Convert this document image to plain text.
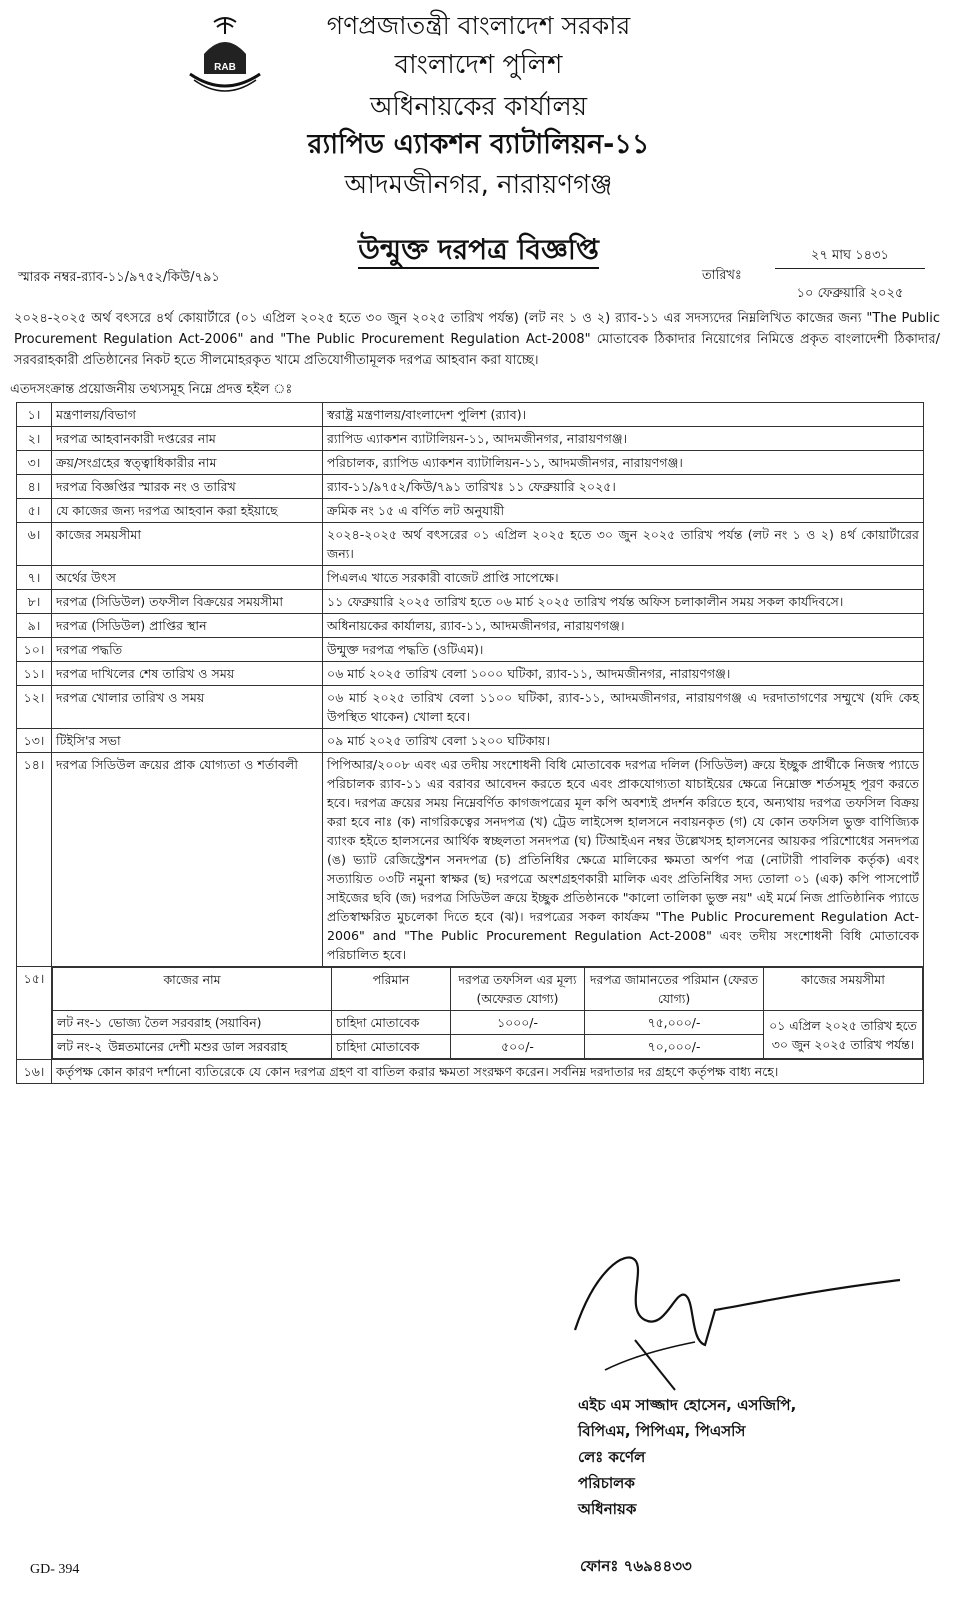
RAB
গণপ্রজাতন্ত্রী বাংলাদেশ সরকার
বাংলাদেশ পুলিশ
অধিনায়কের কার্যালয়
র‌্যাপিড এ্যাকশন ব্যাটালিয়ন-১১
আদমজীনগর, নারায়ণগঞ্জ
উন্মুক্ত দরপত্র বিজ্ঞপ্তি
স্মারক নম্বর-র‌্যাব-১১/৯৭৫২/কিউ/৭৯১	তারিখঃ
২৭ মাঘ ১৪৩১
১০ ফেব্রুয়ারি ২০২৫
২০২৪-২০২৫ অর্থ বৎসরে ৪র্থ কোয়ার্টারে (০১ এপ্রিল ২০২৫ হতে ৩০ জুন ২০২৫ তারিখ পর্যন্ত) (লট নং ১ ও ২) র‌্যাব-১১ এর সদস্যদের নিম্নলিখিত কাজের জন্য "The Public Procurement Regulation Act-2006" and "The Public Procurement Regulation Act-2008" মোতাবেক ঠিকাদার নিয়োগের নিমিত্তে প্রকৃত বাংলাদেশী ঠিকাদার/সরবরাহকারী প্রতিষ্ঠানের নিকট হতে সীলমোহরকৃত খামে প্রতিযোগীতামূলক দরপত্র আহবান করা যাচ্ছে।
এতদসংক্রান্ত প্রয়োজনীয় তথ্যসমূহ নিম্নে প্রদত্ত হইল ঃ
১।	মন্ত্রণালয়/বিভাগ	স্বরাষ্ট্র মন্ত্রণালয়/বাংলাদেশ পুলিশ (র‌্যাব)।
২।	দরপত্র আহবানকারী দপ্তরের নাম	র‌্যাপিড এ্যাকশন ব্যাটালিয়ন-১১, আদমজীনগর, নারায়ণগঞ্জ।
৩।	ক্রয়/সংগ্রহের স্বত্ত্বাধিকারীর নাম	পরিচালক, র‌্যাপিড এ্যাকশন ব্যাটালিয়ন-১১, আদমজীনগর, নারায়ণগঞ্জ।
৪।	দরপত্র বিজ্ঞপ্তির স্মারক নং ও তারিখ	র‌্যাব-১১/৯৭৫২/কিউ/৭৯১ তারিখঃ ১১ ফেব্রুয়ারি ২০২৫।
৫।	যে কাজের জন্য দরপত্র আহবান করা হইয়াছে	ক্রমিক নং ১৫ এ বর্ণিত লট অনুযায়ী
৬।	কাজের সময়সীমা	২০২৪-২০২৫ অর্থ বৎসরের ০১ এপ্রিল ২০২৫ হতে ৩০ জুন ২০২৫ তারিখ পর্যন্ত (লট নং ১ ও ২) ৪র্থ কোয়ার্টারের জন্য।
৭।	অর্থের উৎস	পিএলএ খাতে সরকারী বাজেট প্রাপ্তি সাপেক্ষে।
৮।	দরপত্র (সিডিউল) তফসীল বিক্রয়ের সময়সীমা	১১ ফেব্রুয়ারি ২০২৫ তারিখ হতে ০৬ মার্চ ২০২৫ তারিখ পর্যন্ত অফিস চলাকালীন সময় সকল কার্যদিবসে।
৯।	দরপত্র (সিডিউল) প্রাপ্তির স্থান	অধিনায়কের কার্যালয়, র‌্যাব-১১, আদমজীনগর, নারায়ণগঞ্জ।
১০।	দরপত্র পদ্ধতি	উন্মুক্ত দরপত্র পদ্ধতি (ওটিএম)।
১১।	দরপত্র দাখিলের শেষ তারিখ ও সময়	০৬ মার্চ ২০২৫ তারিখ বেলা ১০০০ ঘটিকা, র‌্যাব-১১, আদমজীনগর, নারায়ণগঞ্জ।
১২।	দরপত্র খোলার তারিখ ও সময়	০৬ মার্চ ২০২৫ তারিখ বেলা ১১০০ ঘটিকা, র‌্যাব-১১, আদমজীনগর, নারায়ণগঞ্জ এ দরদাতাগণের সম্মুখে (যদি কেহ উপস্থিত থাকেন) খোলা হবে।
১৩।	টিইসি'র সভা	০৯ মার্চ ২০২৫ তারিখ বেলা ১২০০ ঘটিকায়।
১৪।	দরপত্র সিডিউল ক্রয়ের প্রাক যোগ্যতা ও শর্তাবলী	পিপিআর/২০০৮ এবং এর তদীয় সংশোধনী বিধি মোতাবেক দরপত্র দলিল (সিডিউল) ক্রয়ে ইচ্ছুক প্রার্থীকে নিজস্ব প্যাডে পরিচালক র‌্যাব-১১ এর বরাবর আবেদন করতে হবে এবং প্রাকযোগ্যতা যাচাইয়ের ক্ষেত্রে নিম্নোক্ত শর্তসমূহ পূরণ করতে হবে। দরপত্র ক্রয়ের সময় নিম্নেবর্ণিত কাগজপত্রের মূল কপি অবশ্যই প্রদর্শন করিতে হবে, অন্যথায় দরপত্র তফসিল বিক্রয় করা হবে নাঃ (ক) নাগরিকত্বের সনদপত্র (খ) ট্রেড লাইসেন্স হালসনে নবায়নকৃত (গ) যে কোন তফসিল ভুক্ত বাণিজ্যিক ব্যাংক হইতে হালসনের আর্থিক স্বচ্ছলতা সনদপত্র (ঘ) টিআইএন নম্বর উল্লেখসহ হালসনের আয়কর পরিশোধের সনদপত্র (ঙ) ভ্যাট রেজিস্ট্রেশন সনদপত্র (চ) প্রতিনিধির ক্ষেত্রে মালিকের ক্ষমতা অর্পণ পত্র (নোটারী পাবলিক কর্তৃক) এবং সত্যায়িত ০৩টি নমুনা স্বাক্ষর (ছ) দরপত্রে অংশগ্রহণকারী মালিক এবং প্রতিনিধির সদ্য তোলা ০১ (এক) কপি পাসপোর্ট সাইজের ছবি (জ) দরপত্র সিডিউল ক্রয়ে ইচ্ছুক প্রতিষ্ঠানকে "কালো তালিকা ভুক্ত নয়" এই মর্মে নিজ প্রাতিষ্ঠানিক প্যাডে প্রতিস্বাক্ষরিত মুচলেকা দিতে হবে (ঝ)। দরপত্রের সকল কার্যক্রম "The Public Procurement Regulation Act-2006" and "The Public Procurement Regulation Act-2008" এবং তদীয় সংশোধনী বিধি মোতাবেক পরিচালিত হবে।
১৫।		কাজের নাম	পরিমান	দরপত্র তফসিল এর মূল্য (অফেরত যোগ্য)	দরপত্র জামানতের পরিমান (ফেরত যোগ্য)	কাজের সময়সীমা
লট নং-১ ভোজ্য তৈল সরবরাহ (সয়াবিন)	চাহিদা মোতাবেক	১০০০/-	৭৫,০০০/-	০১ এপ্রিল ২০২৫ তারিখ হতে ৩০ জুন ২০২৫ তারিখ পর্যন্ত।
লট নং-২ উন্নতমানের দেশী মশুর ডাল সরবরাহ	চাহিদা মোতাবেক	৫০০/-	৭০,০০০/-

১৬।	কর্তৃপক্ষ কোন কারণ দর্শানো ব্যতিরেকে যে কোন দরপত্র গ্রহণ বা বাতিল করার ক্ষমতা সংরক্ষণ করেন। সর্বনিম্ন দরদাতার দর গ্রহণে কর্তৃপক্ষ বাধ্য নহে।
এইচ এম সাজ্জাদ হোসেন, এসজিপি,
বিপিএম, পিপিএম, পিএসসি
লেঃ কর্ণেল
পরিচালক
অধিনায়ক
ফোনঃ ৭৬৯৪৪৩৩
GD- 394
